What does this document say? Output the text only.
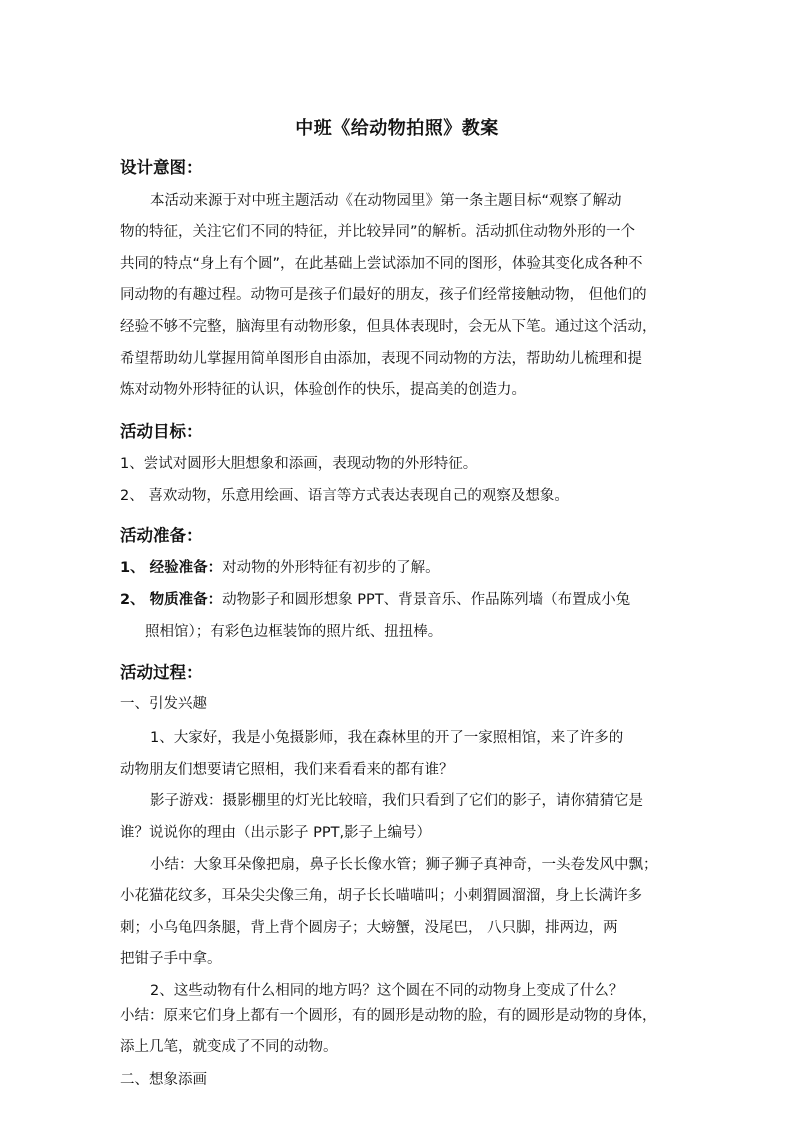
中班《给动物拍照》教案
设计意图：
本活动来源于对中班主题活动《在动物园里》第一条主题目标“观察了解动
物的特征，关注它们不同的特征，并比较异同”的解析。活动抓住动物外形的一个
共同的特点“身上有个圆”，在此基础上尝试添加不同的图形，体验其变化成各种不
同动物的有趣过程。动物可是孩子们最好的朋友，孩子们经常接触动物， 但他们的
经验不够不完整，脑海里有动物形象，但具体表现时，会无从下笔。通过这个活动，
希望帮助幼儿掌握用简单图形自由添加，表现不同动物的方法，帮助幼儿梳理和提
炼对动物外形特征的认识，体验创作的快乐，提高美的创造力。
活动目标：
1、尝试对圆形大胆想象和添画，表现动物的外形特征。
2、 喜欢动物，乐意用绘画、语言等方式表达表现自己的观察及想象。
活动准备：
1、 经验准备：对动物的外形特征有初步的了解。
2、 物质准备：动物影子和圆形想象 PPT、背景音乐、作品陈列墙（布置成小兔
照相馆）；有彩色边框装饰的照片纸、扭扭棒。
活动过程：
一、引发兴趣
1、大家好，我是小兔摄影师，我在森林里的开了一家照相馆，来了许多的
动物朋友们想要请它照相，我们来看看来的都有谁？
影子游戏：摄影棚里的灯光比较暗，我们只看到了它们的影子，请你猜猜它是
谁？说说你的理由（出示影子 PPT,影子上编号）
小结：大象耳朵像把扇，鼻子长长像水管；狮子狮子真神奇，一头卷发风中飘；
小花猫花纹多，耳朵尖尖像三角，胡子长长喵喵叫；小刺猬圆溜溜，身上长满许多
刺；小乌龟四条腿，背上背个圆房子；大螃蟹，没尾巴， 八只脚，排两边，两
把钳子手中拿。
2、这些动物有什么相同的地方吗？这个圆在不同的动物身上变成了什么？
小结：原来它们身上都有一个圆形，有的圆形是动物的脸，有的圆形是动物的身体，
添上几笔，就变成了不同的动物。
二、想象添画
